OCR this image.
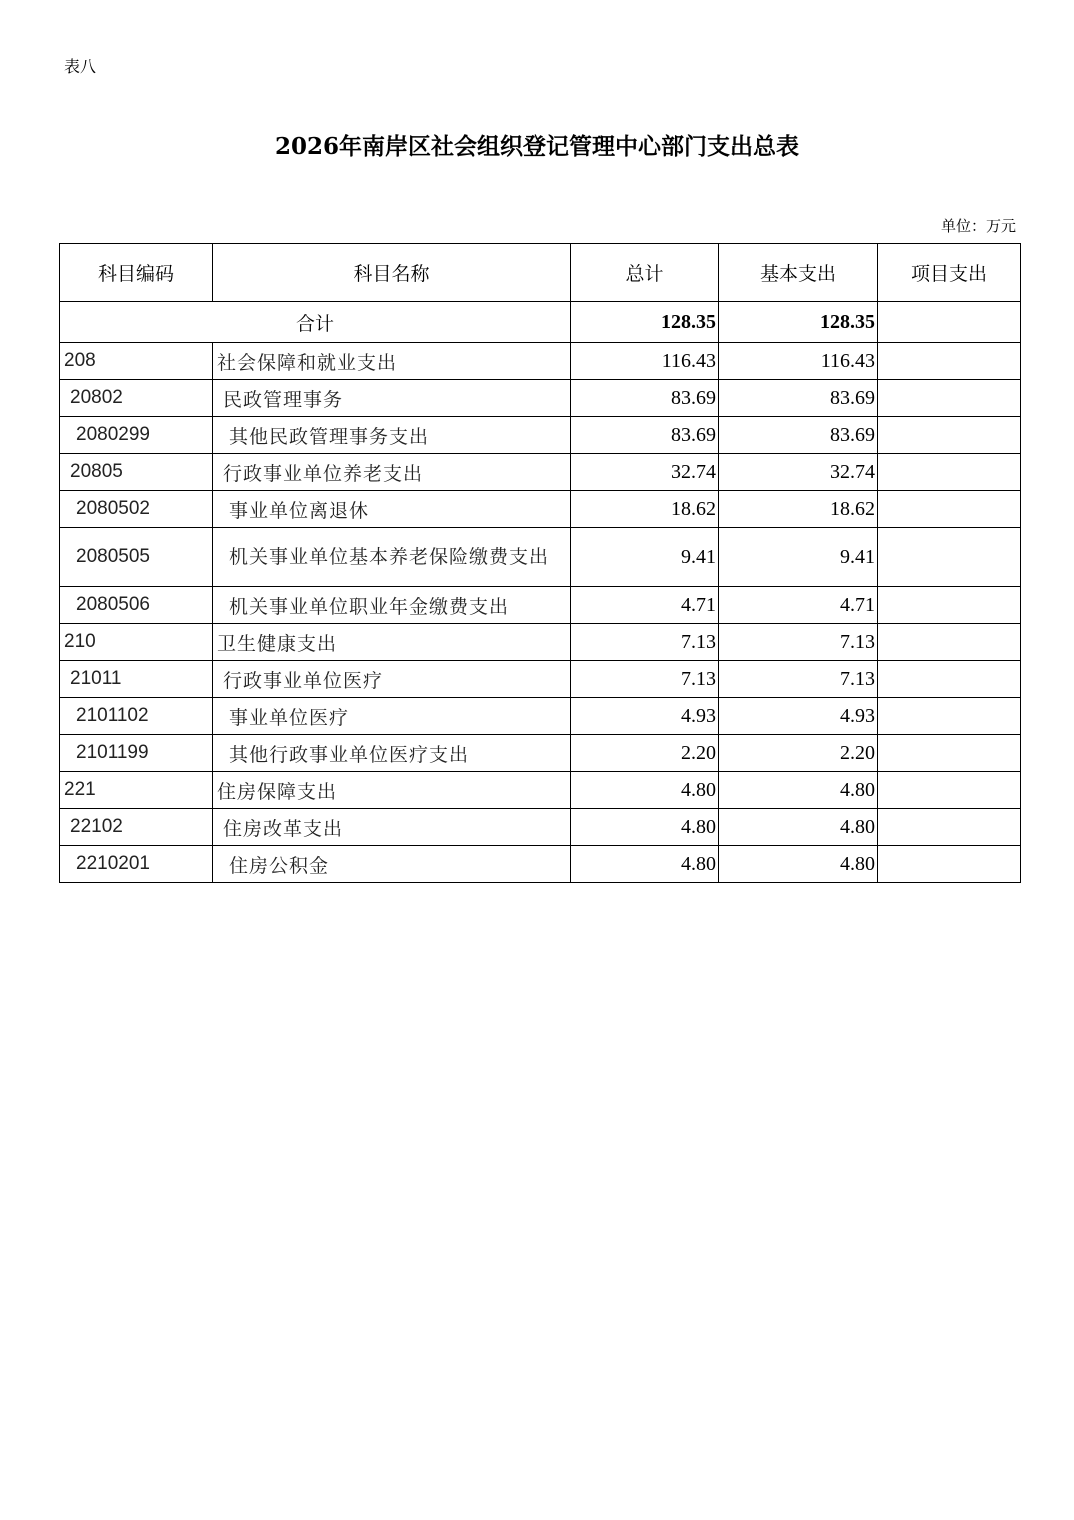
表八
2026年南岸区社会组织登记管理中心部门支出总表
单位：万元
科目编码	科目名称	总计	基本支出	项目支出
合计		128.35	128.35	
208	社会保障和就业支出	116.43	116.43	
20802	民政管理事务	83.69	83.69	
2080299	其他民政管理事务支出	83.69	83.69	
20805	行政事业单位养老支出	32.74	32.74	
2080502	事业单位离退休	18.62	18.62	
2080505	机关事业单位基本养老保险缴费支出	9.41	9.41	
2080506	机关事业单位职业年金缴费支出	4.71	4.71	
210	卫生健康支出	7.13	7.13	
21011	行政事业单位医疗	7.13	7.13	
2101102	事业单位医疗	4.93	4.93	
2101199	其他行政事业单位医疗支出	2.20	2.20	
221	住房保障支出	4.80	4.80	
22102	住房改革支出	4.80	4.80	
2210201	住房公积金	4.80	4.80	
